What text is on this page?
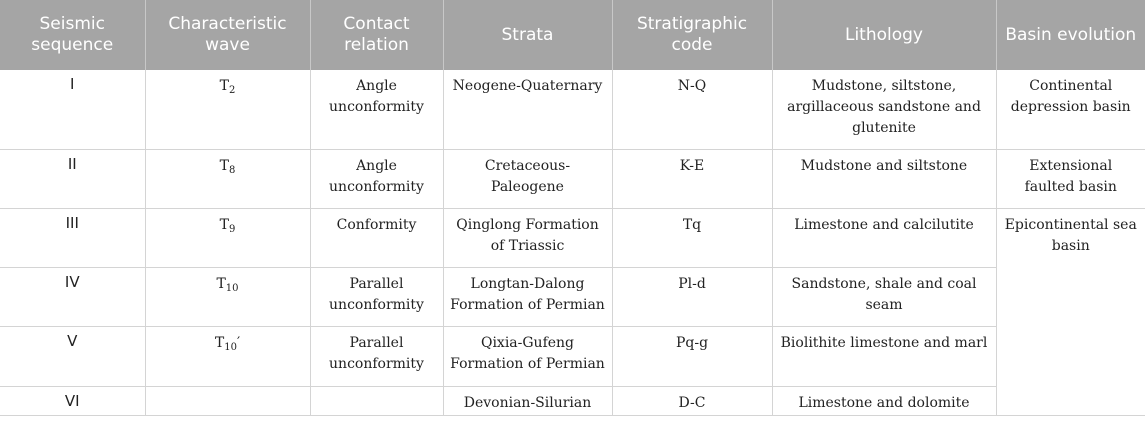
Seismic sequence	Characteristic wave	Contact relation	Strata	Stratigraphic code	Lithology	Basin evolution
I	$T_2$	Angle unconformity	Neogene-Quaternary	N-Q	Mudstone, siltstone, argillaceous sandstone and glutenite	Continental depression basin
II	$T_8$	Angle unconformity	Cretaceous-Paleogene	K-E	Mudstone and siltstone	Extensional faulted basin
III	$T_9$	Conformity	Qinglong Formation of Triassic	Tq	Limestone and calcilutite	Epicontinental sea basin
IV	$T_{10}$	Parallel unconformity	Longtan-Dalong Formation of Permian	Pl-d	Sandstone, shale and coal seam	
V	$T_{10}'$	Parallel unconformity	Qixia-Gufeng Formation of Permian	Pq-g	Biolithite limestone and marl	
VI			Devonian-Silurian	D-C	Limestone and dolomite	
